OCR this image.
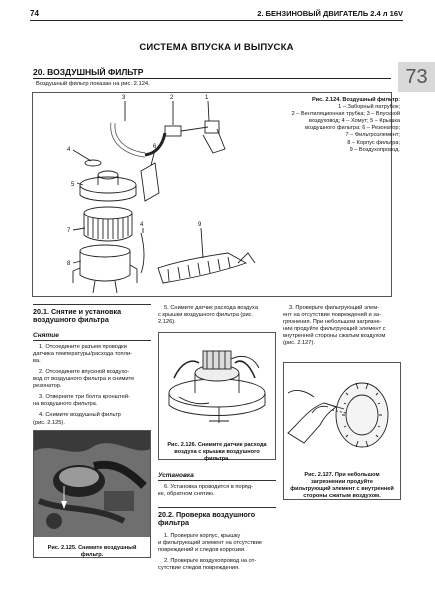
74	2. БЕНЗИНОВЫЙ ДВИГАТЕЛЬ 2.4 л 16V
СИСТЕМА ВПУСКА И ВЫПУСКА
73
20. ВОЗДУШНЫЙ ФИЛЬТР
Воздушный фильтр показан на рис. 2.124.
3	2	1
4
5
6
7
8
4	9
Рис. 2.124. Воздушный фильтр:
1 – Заборный патрубок;
2 – Вентиляционная трубка; 3 – Впускной
воздуховод; 4 – Хомут; 5 – Крышка
воздушного фильтра; 6 – Резонатор;
7 – Фильтроэлемент;
8 – Корпус фильтра;
9 – Воздухопровод.
20.1. Снятие и установка
воздушного фильтра
Снятие

1. Отсоедините разъем проводки
датчика температуры/расхода топли-
ва.

2. Отсоедините впускной воздухо-
вод от воздушного фильтра и снимите
резонатор.

3. Отверните три болта кронштей-
на воздушного фильтра.

4. Снимите воздушный фильтр
(рис. 2.125).

Рис. 2.125. Снимите воздушный
фильтр.

5. Снимите датчик расхода воздуха
с крышки воздушного фильтра (рис.
2.126).

Рис. 2.126. Снимите датчик расхода
воздуха с крышки воздушного
фильтра.
Установка

6. Установка проводится в поряд-
ке, обратном снятию.

20.2. Проверка воздушного
фильтра

1. Проверьте корпус, крышку
и фильтрующий элемент на отсутствие
повреждений и следов коррозии.

2. Проверьте воздухопровод на от-
сутствие следов повреждения.

3. Проверьте фильтрующий элем-
ент на отсутствие повреждений и за-
грязнения. При небольшом загрязне-
нии продуйте фильтрующий элемент с
внутренней стороны сжатым воздухом
(рис. 2.127).

Рис. 2.127. При небольшом
загрязнении продуйте
фильтрующий элемент с внутренней
стороны сжатым воздухом.
